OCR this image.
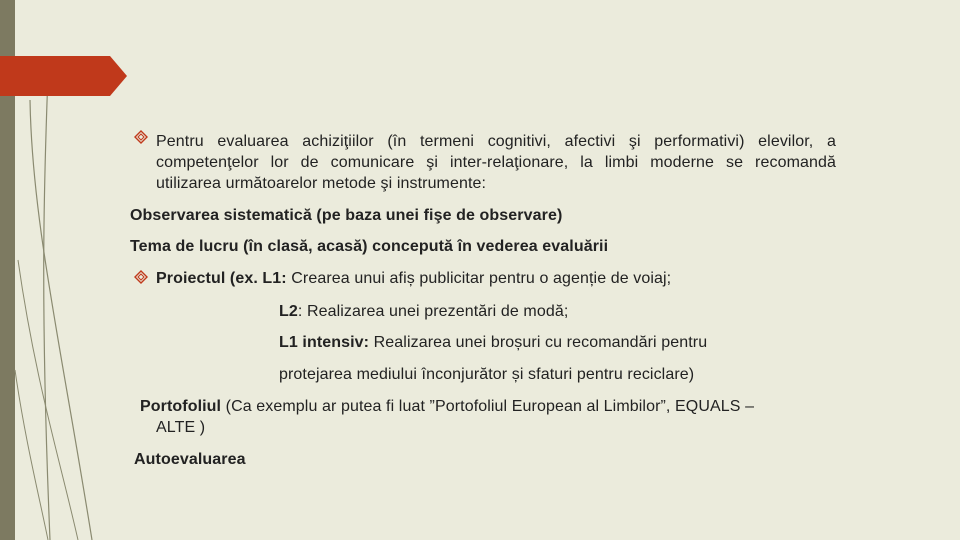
Pentru evaluarea achiziţiilor (în termeni cognitivi, afectivi şi performativi) elevilor, a
competenţelor lor de comunicare şi inter-relaţionare, la limbi moderne se recomandă
utilizarea următoarelor metode şi instrumente:
Observarea sistematică (pe baza unei fişe de observare)
Tema de lucru (în clasă, acasă) concepută în vederea evaluării
Proiectul (ex. L1: Crearea unui afiș publicitar pentru o agenție de voiaj;
L2: Realizarea unei prezentări de modă;
L1 intensiv: Realizarea unei broșuri cu recomandări pentru
protejarea mediului înconjurător și sfaturi pentru reciclare)
Portofoliul (Ca exemplu ar putea fi luat ”Portofoliul European al Limbilor”, EQUALS –
ALTE )
Autoevaluarea
